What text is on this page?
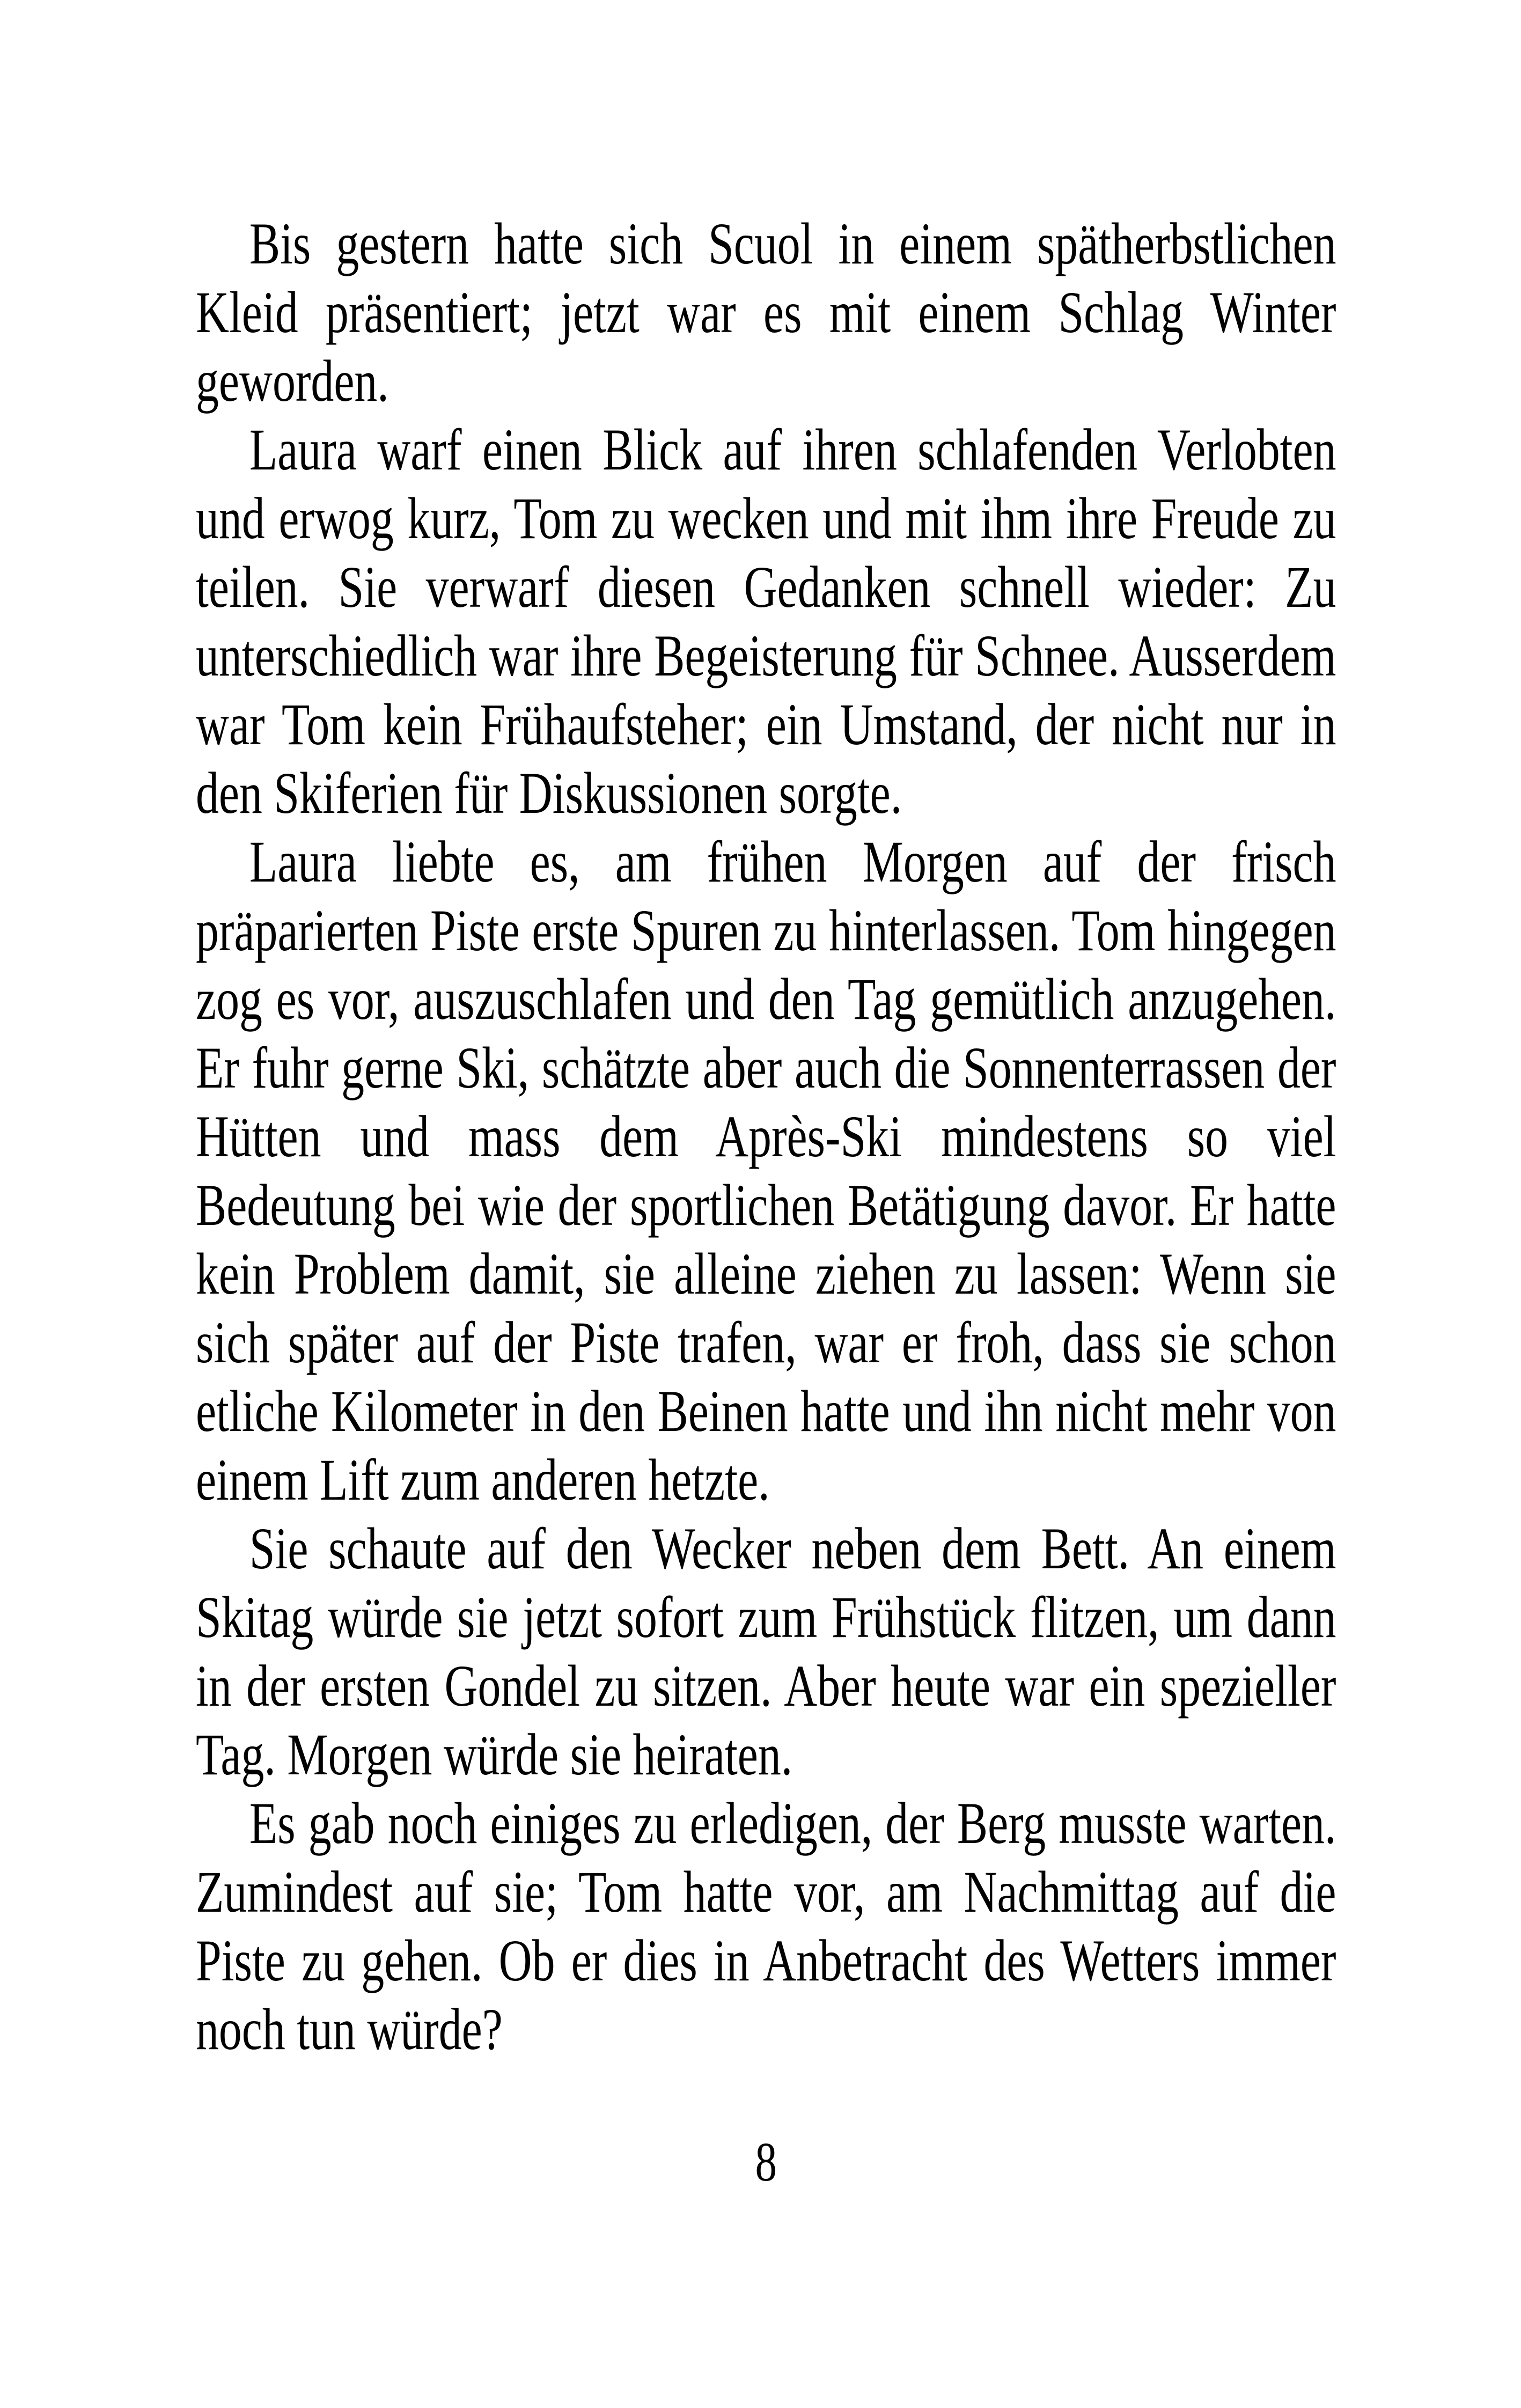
Bis gestern hatte sich Scuol in einem spätherbstlichen Kleid präsentiert; jetzt war es mit einem Schlag Winter geworden.

Laura warf einen Blick auf ihren schlafenden Verlobten und erwog kurz, Tom zu wecken und mit ihm ihre Freude zu teilen. Sie verwarf diesen Gedanken schnell wieder: Zu unterschiedlich war ihre Begeisterung für Schnee. Ausserdem war Tom kein Frühaufsteher; ein Umstand, der nicht nur in den Skiferien für Diskussionen sorgte.

Laura liebte es, am frühen Morgen auf der frisch präparierten Piste erste Spuren zu hinterlassen. Tom hingegen zog es vor, auszuschlafen und den Tag gemütlich anzugehen. Er fuhr gerne Ski, schätzte aber auch die Sonnenterrassen der Hütten und mass dem Après-Ski mindestens so viel Bedeutung bei wie der sportlichen Betätigung davor. Er hatte kein Problem damit, sie alleine ziehen zu lassen: Wenn sie sich später auf der Piste trafen, war er froh, dass sie schon etliche Kilometer in den Beinen hatte und ihn nicht mehr von einem Lift zum anderen hetzte.

Sie schaute auf den Wecker neben dem Bett. An einem Skitag würde sie jetzt sofort zum Frühstück flitzen, um dann in der ersten Gondel zu sitzen. Aber heute war ein spezieller Tag. Morgen würde sie heiraten.

Es gab noch einiges zu erledigen, der Berg musste warten. Zumindest auf sie; Tom hatte vor, am Nachmittag auf die Piste zu gehen. Ob er dies in Anbetracht des Wetters immer noch tun würde?

8
